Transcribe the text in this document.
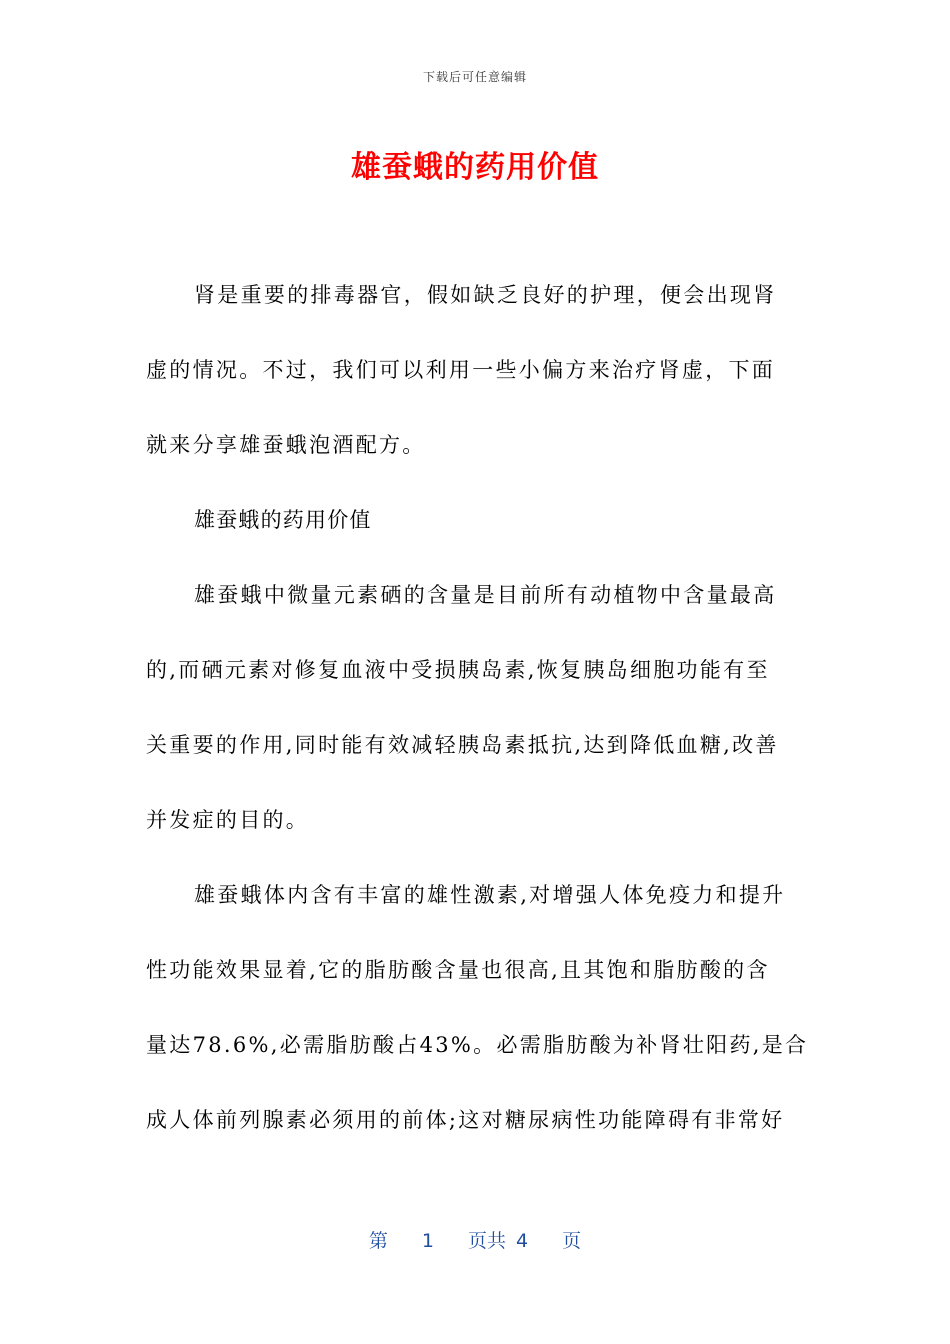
下载后可任意编辑
雄蚕蛾的药用价值
肾是重要的排毒器官，假如缺乏良好的护理，便会出现肾
虚的情况。不过，我们可以利用一些小偏方来治疗肾虚，下面
就来分享雄蚕蛾泡酒配方。
雄蚕蛾的药用价值
雄蚕蛾中微量元素硒的含量是目前所有动植物中含量最高
的,而硒元素对修复血液中受损胰岛素,恢复胰岛细胞功能有至
关重要的作用,同时能有效减轻胰岛素抵抗,达到降低血糖,改善
并发症的目的。
雄蚕蛾体内含有丰富的雄性激素,对增强人体免疫力和提升
性功能效果显着,它的脂肪酸含量也很高,且其饱和脂肪酸的含
量达78.6%,必需脂肪酸占43%。必需脂肪酸为补肾壮阳药,是合
成人体前列腺素必须用的前体;这对糖尿病性功能障碍有非常好
第 1 页共 4 页
